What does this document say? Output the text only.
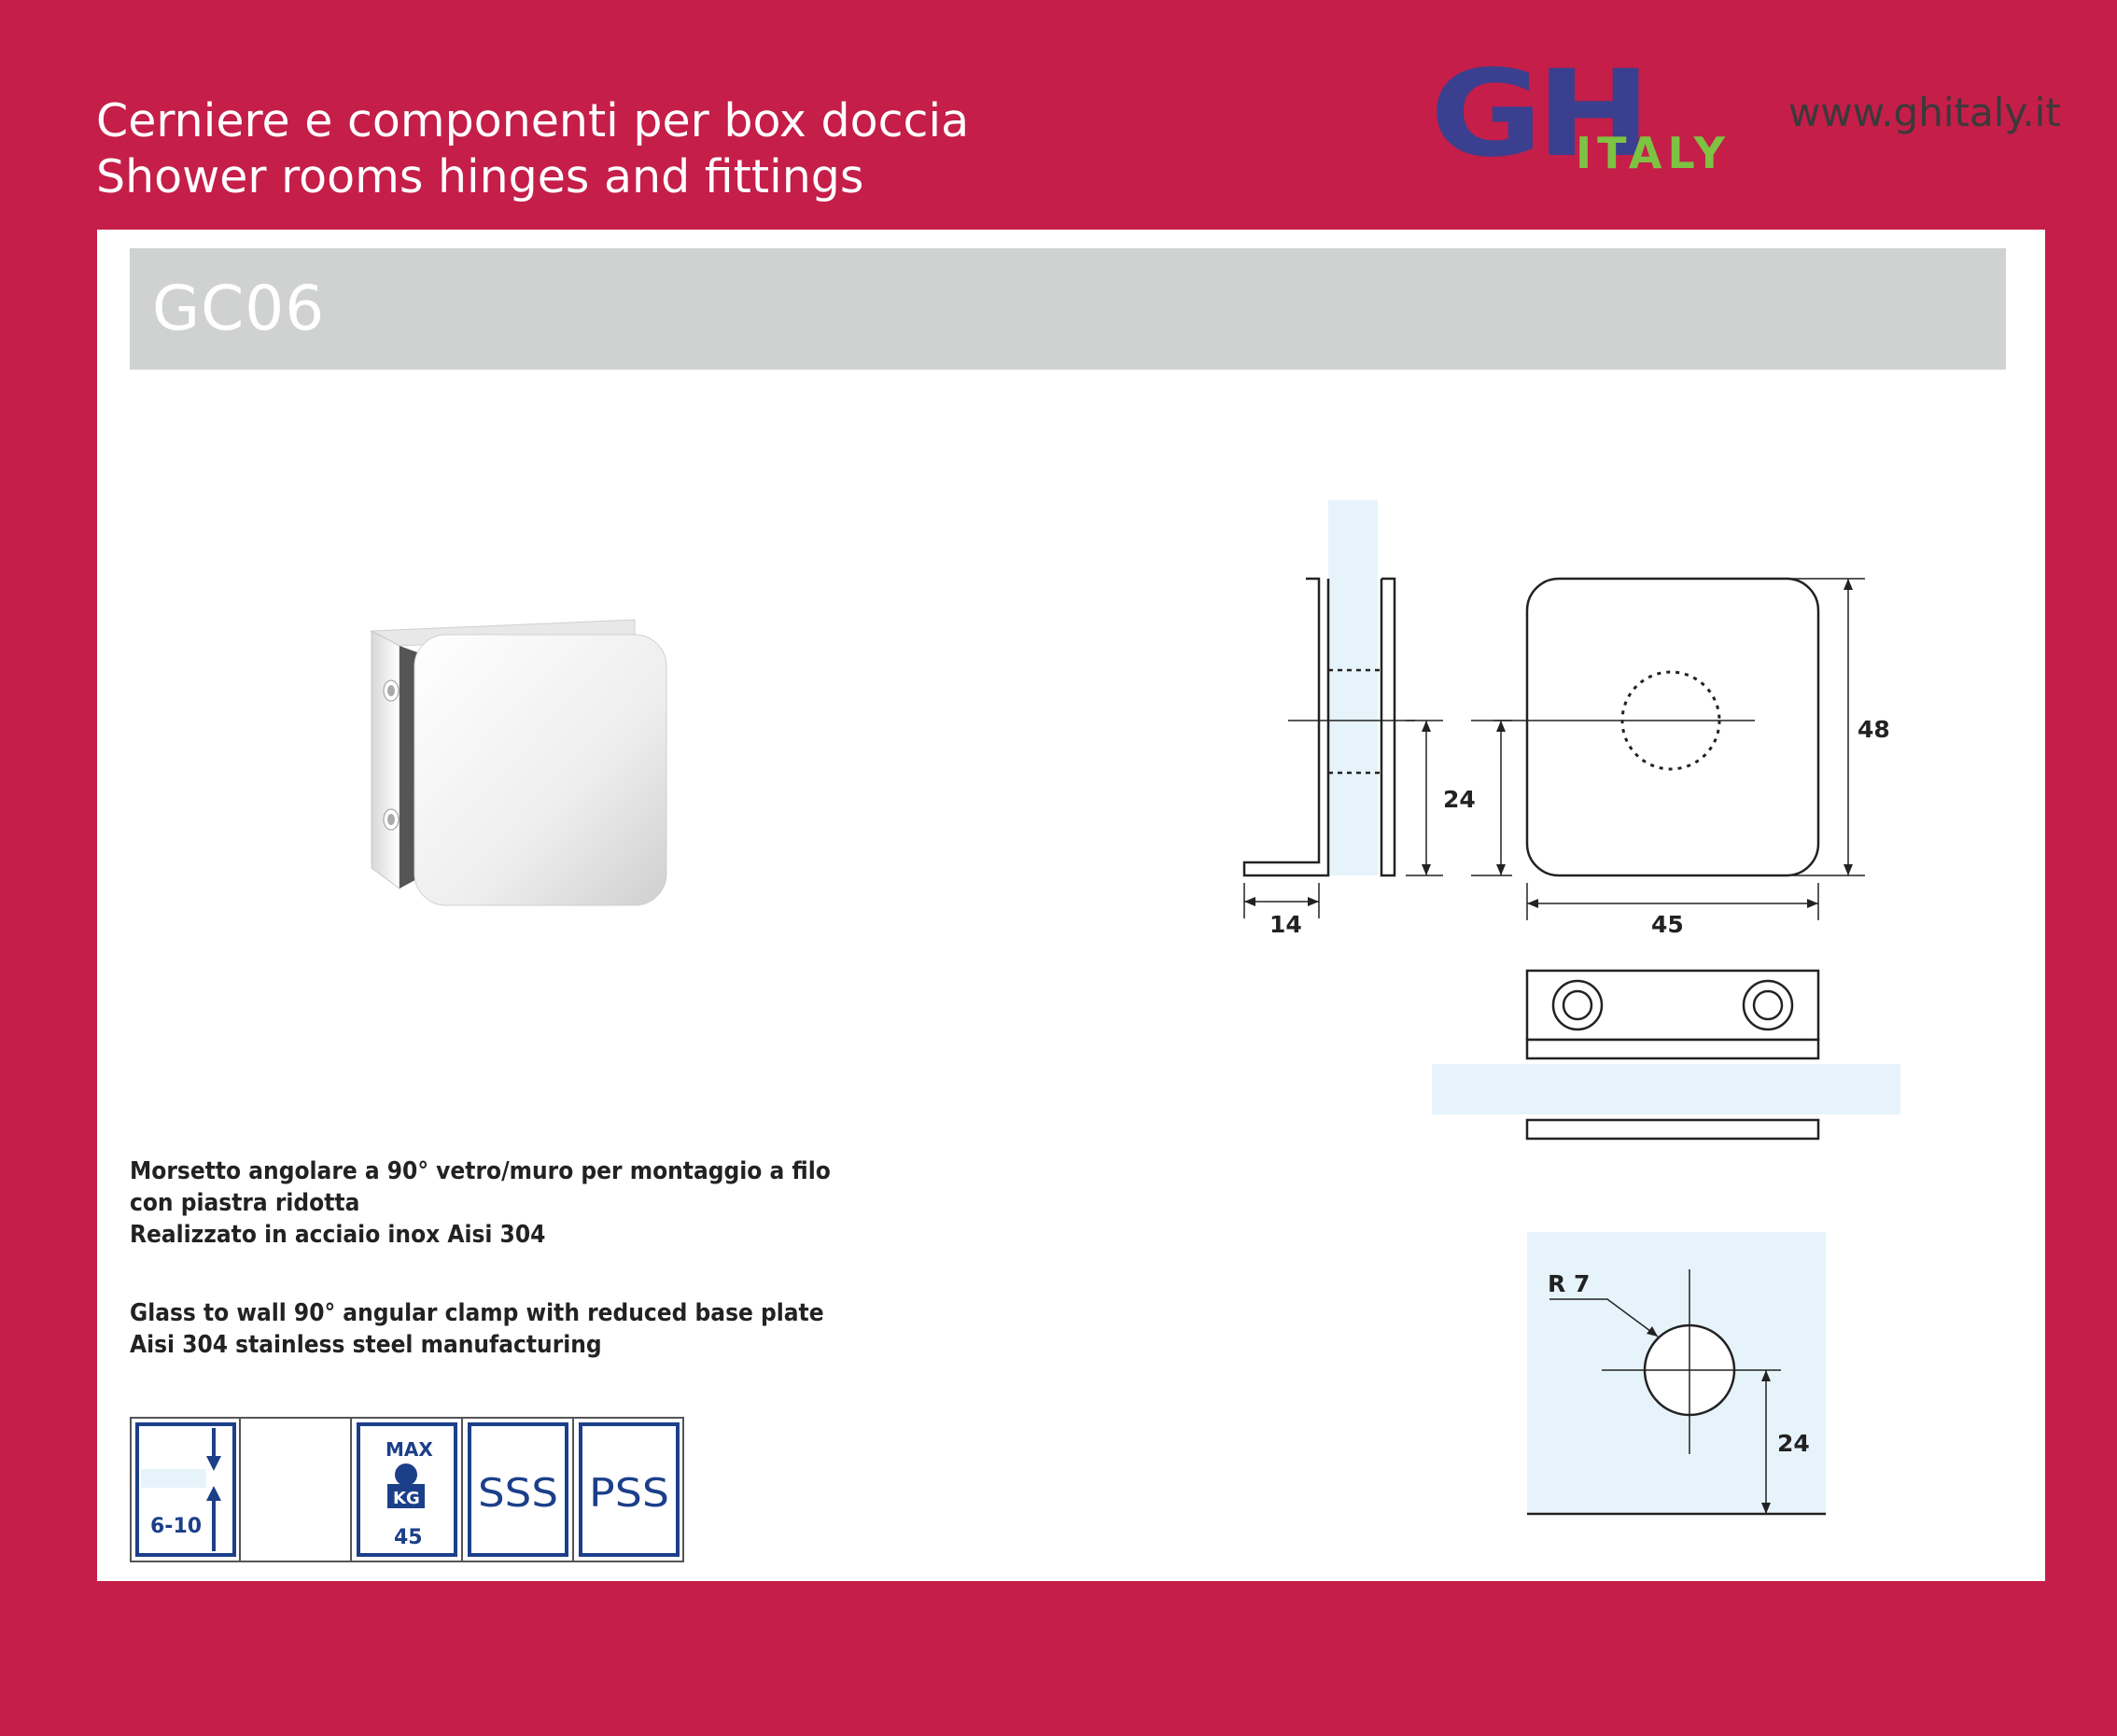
Cerniere e componenti per box doccia
Shower rooms hinges and fittings	GH
ITALY
www.ghitaly.it
GC06
14
24
48
45
R 7
24
Morsetto angolare a 90° vetro/muro per montaggio a filo
con piastra ridotta
Realizzato in acciaio inox Aisi 304
Glass to wall 90° angular clamp with reduced base plate
Aisi 304 stainless steel manufacturing
6-10
MAX
KG
45
SSS PSS
